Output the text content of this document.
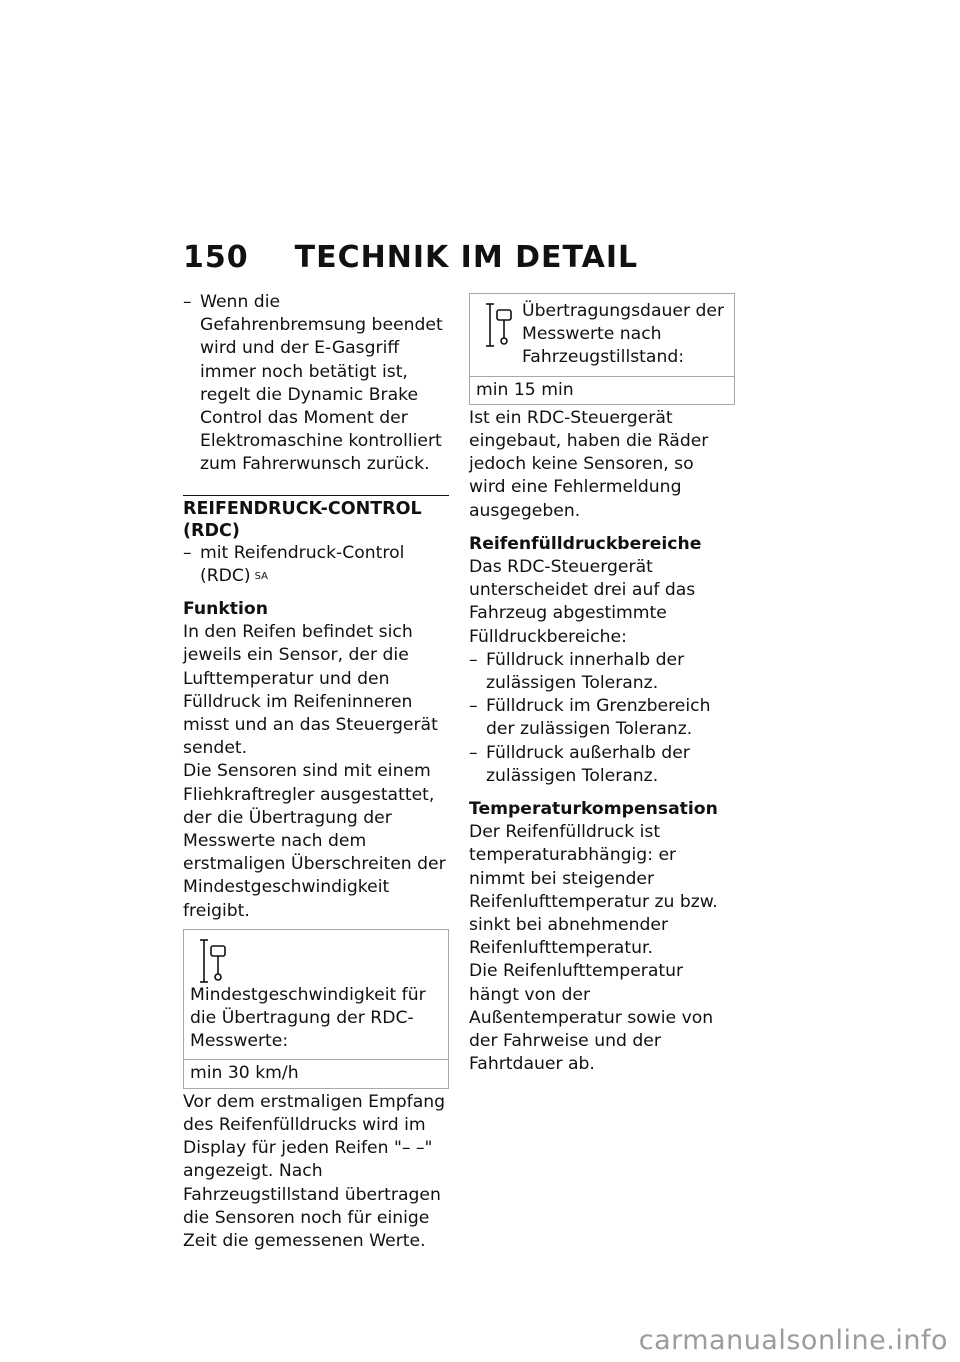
150 TECHNIK IM DETAIL
– Wenn die Gefahrenbremsung beendet wird und der E-Gasgriff immer noch betätigt ist, regelt die Dynamic Brake Control das Moment der Elektromaschine kontrolliert zum Fahrerwunsch zurück.

REIFENDRUCK-CONTROL (RDC)

– mit Reifendruck-Control (RDC) $^{SA}$

Funktion

In den Reifen befindet sich jeweils ein Sensor, der die Lufttemperatur und den Fülldruck im Reifeninneren misst und an das Steuergerät sendet.

Die Sensoren sind mit einem Fliehkraftregler ausgestattet, der die Übertragung der Messwerte nach dem erstmaligen Überschreiten der Mindestgeschwindigkeit freigibt.

Mindestgeschwindigkeit für die Übertragung der RDC-Messwerte:
min 30 km/h

Vor dem erstmaligen Empfang des Reifenfülldrucks wird im Display für jeden Reifen "– –" angezeigt. Nach Fahrzeugstillstand übertragen die Sensoren noch für einige Zeit die gemessenen Werte.

Übertragungsdauer der Messwerte nach Fahrzeugstillstand:
min 15 min

Ist ein RDC-Steuergerät eingebaut, haben die Räder jedoch keine Sensoren, so wird eine Fehlermeldung ausgegeben.

Reifenfülldruckbereiche

Das RDC-Steuergerät unterscheidet drei auf das Fahrzeug abgestimmte Fülldruckbereiche:

– Fülldruck innerhalb der zulässigen Toleranz.
– Fülldruck im Grenzbereich der zulässigen Toleranz.
– Fülldruck außerhalb der zulässigen Toleranz.

Temperaturkompensation

Der Reifenfülldruck ist temperaturabhängig: er nimmt bei steigender Reifenlufttemperatur zu bzw. sinkt bei abnehmender Reifenlufttemperatur.

Die Reifenlufttemperatur hängt von der Außentemperatur sowie von der Fahrweise und der Fahrtdauer ab.

carmanualsonline.info
